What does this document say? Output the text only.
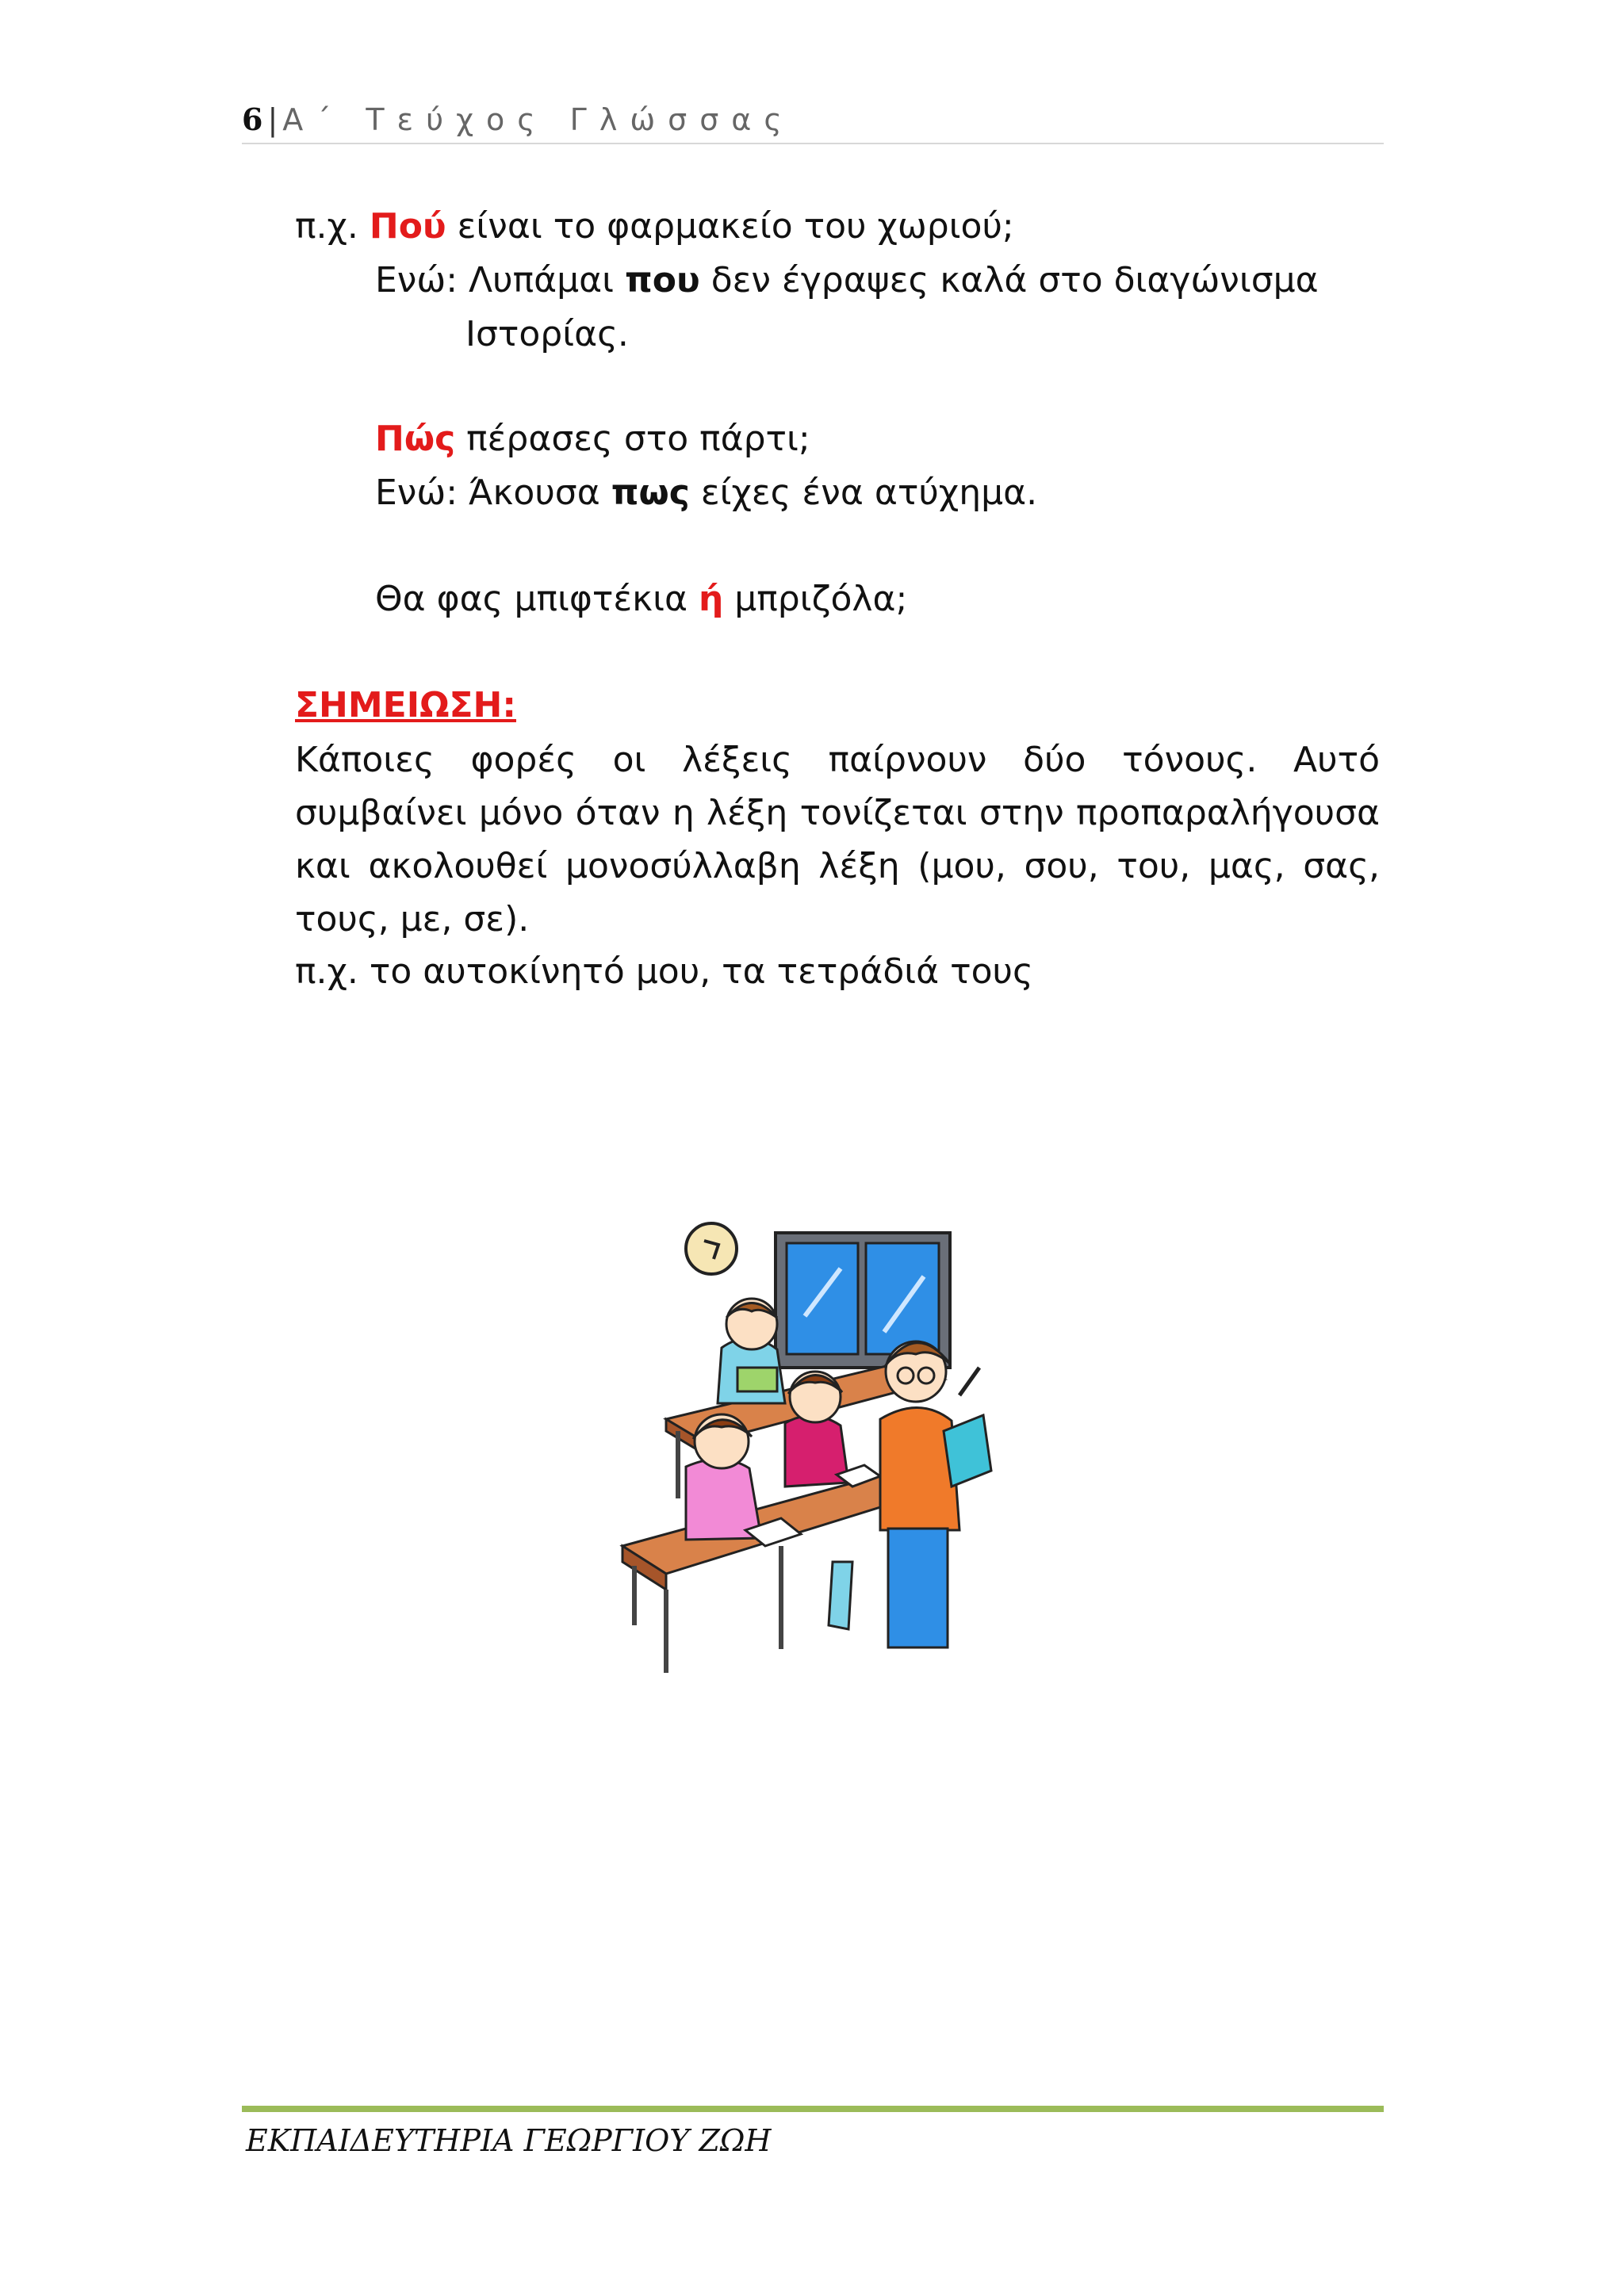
6 | Α΄ Τεύχος Γλώσσας
π.χ. Πού είναι το φαρμακείο του χωριού;
Ενώ: Λυπάμαι που δεν έγραψες καλά στο διαγώνισμα
Ιστορίας.
Πώς πέρασες στο πάρτι;
Ενώ: Άκουσα πως είχες ένα ατύχημα.
Θα φας μπιφτέκια ή μπριζόλα;
ΣΗΜΕΙΩΣΗ:
Κάποιες φορές οι λέξεις παίρνουν δύο τόνους. Αυτό συμβαίνει μόνο όταν η λέξη τονίζεται στην προπαραλήγουσα και ακολουθεί μονοσύλλαβη λέξη (μου, σου, του, μας, σας, τους, με, σε).
π.χ. το αυτοκίνητό μου, τα τετράδιά τους
ΕΚΠΑΙΔΕΥΤΗΡΙΑ ΓΕΩΡΓΙΟΥ ΖΩΗ
